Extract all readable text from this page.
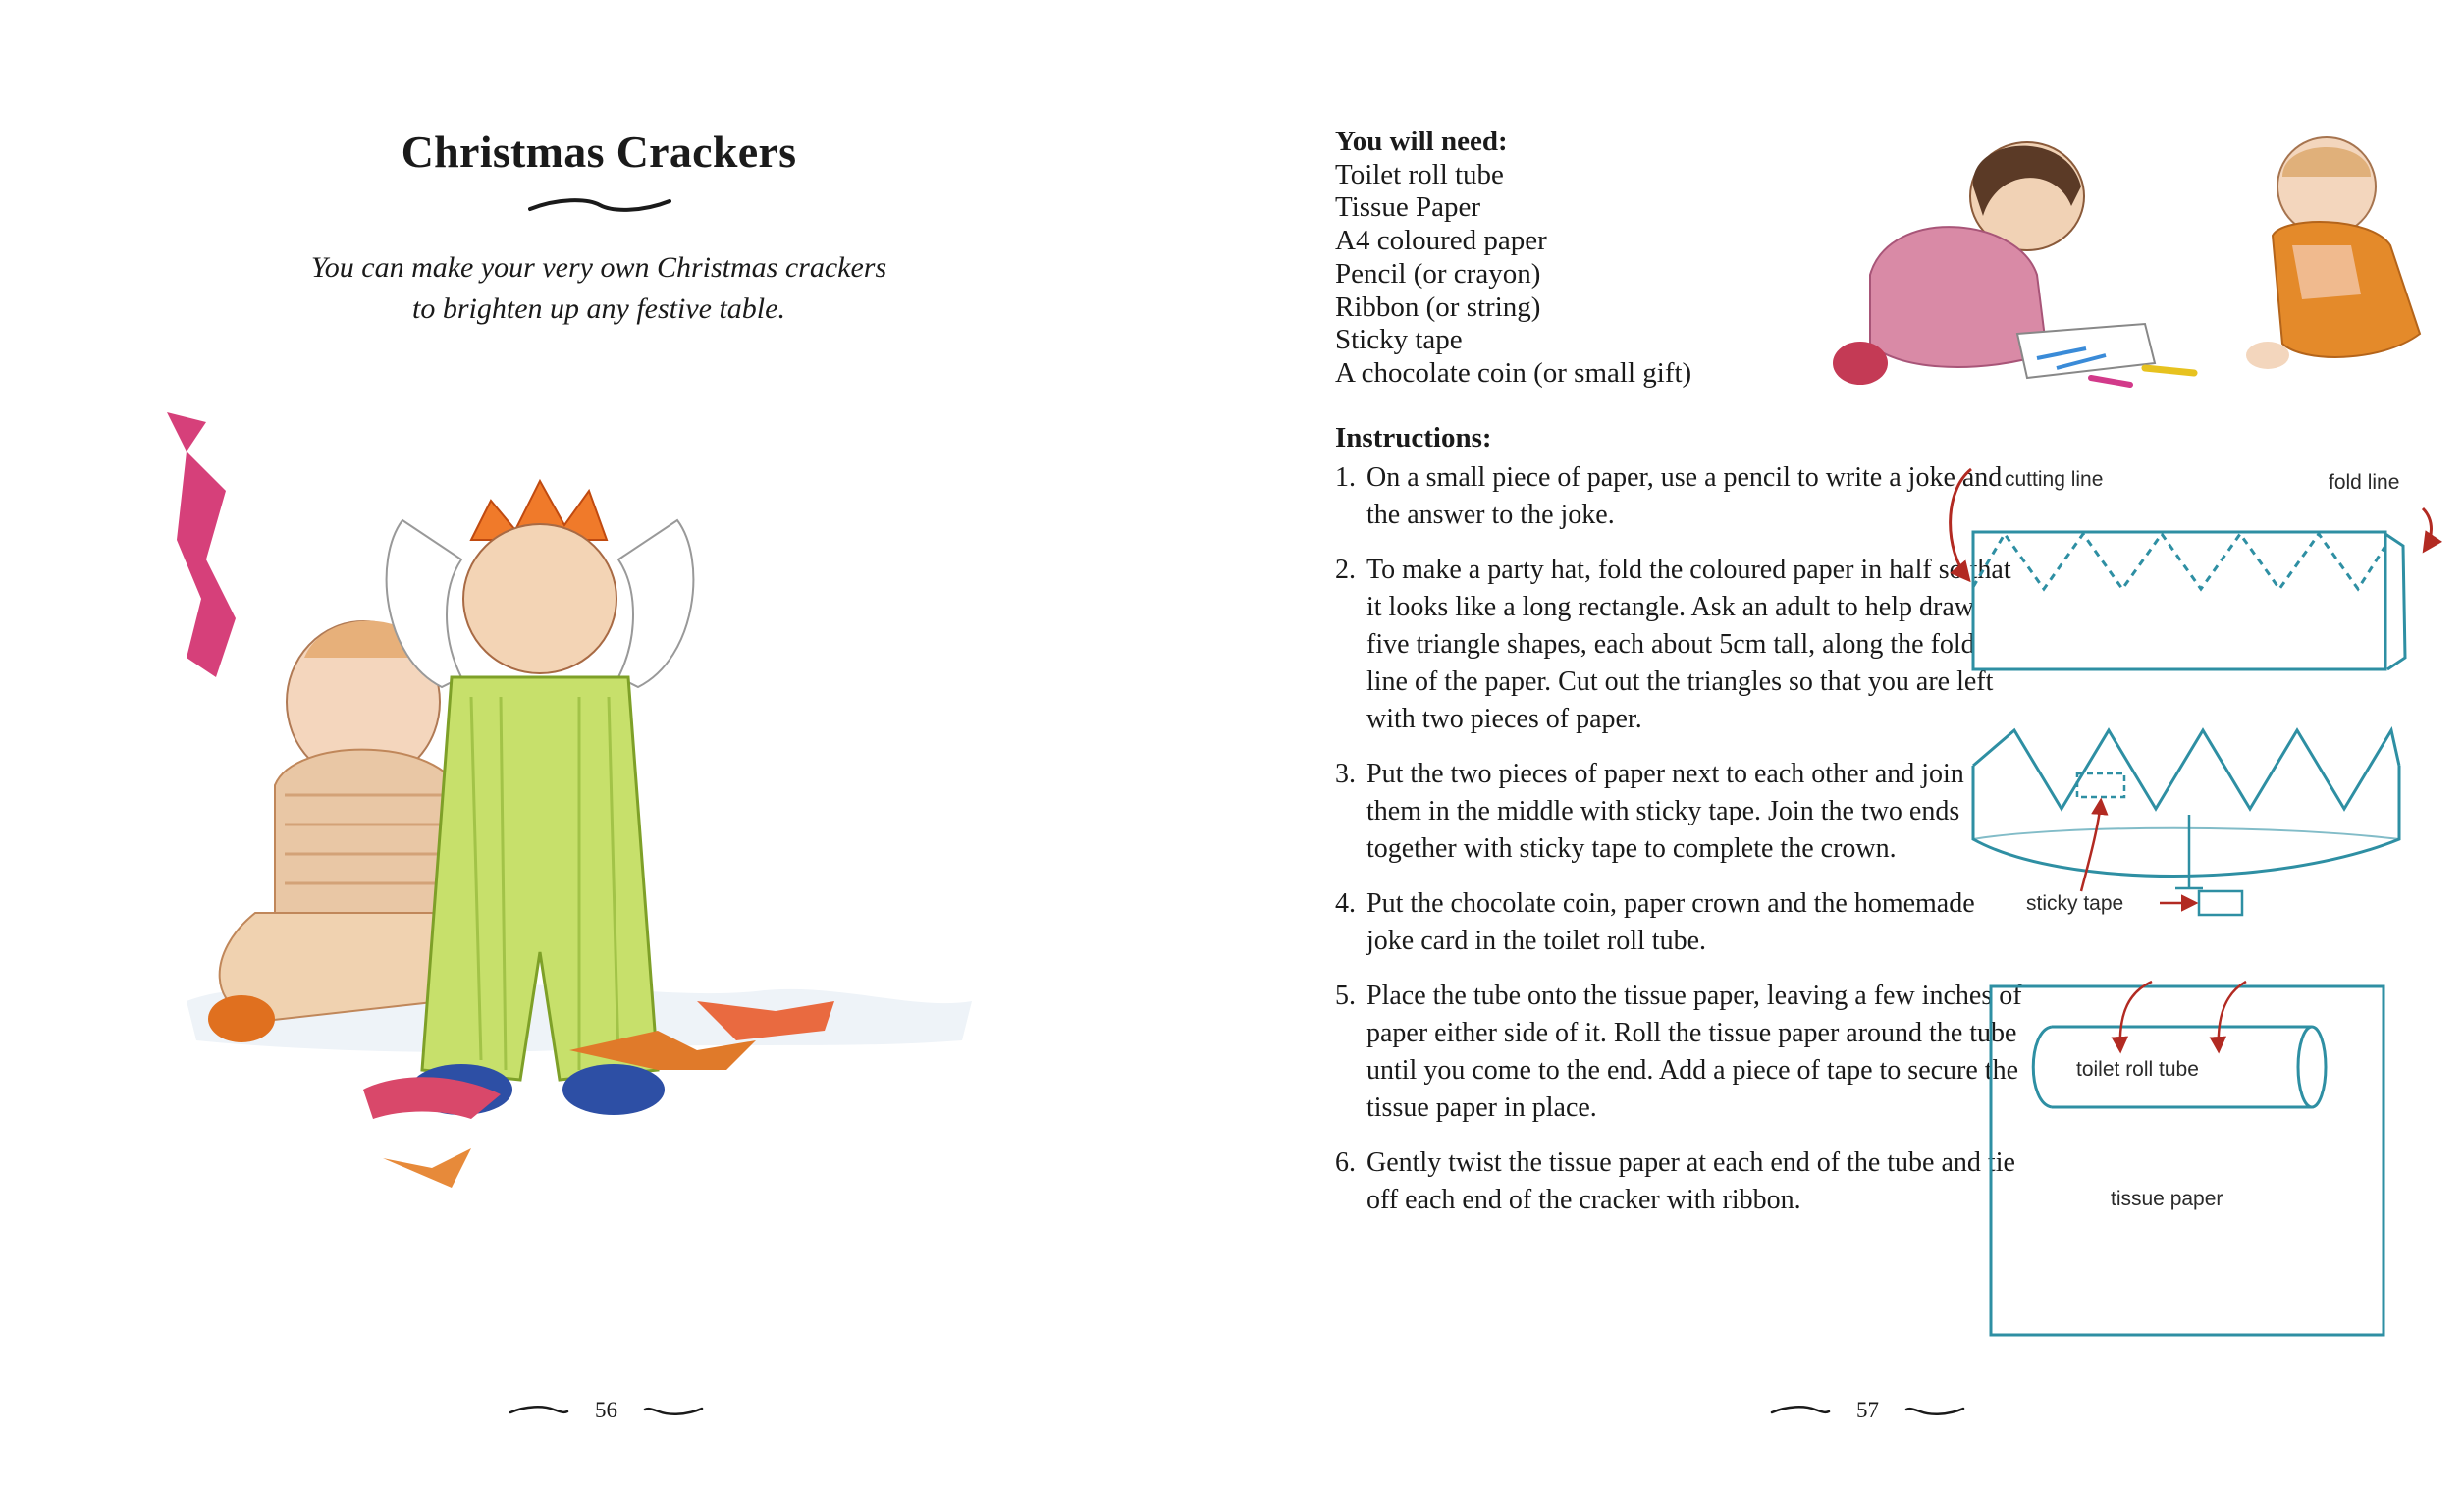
Christmas Crackers
You can make your very own Christmas crackers
to brighten up any festive table.
56
You will need:
Toilet roll tube
Tissue Paper
A4 coloured paper
Pencil (or crayon)
Ribbon (or string)
Sticky tape
A chocolate coin (or small gift)
Instructions:
1. On a small piece of paper, use a pencil to write a joke and the answer to the joke.
2. To make a party hat, fold the coloured paper in half so that it looks like a long rectangle. Ask an adult to help draw five triangle shapes, each about 5cm tall, along the fold line of the paper. Cut out the triangles so that you are left with two pieces of paper.
3. Put the two pieces of paper next to each other and join them in the middle with sticky tape. Join the two ends together with sticky tape to complete the crown.
4. Put the chocolate coin, paper crown and the homemade joke card in the toilet roll tube.
5. Place the tube onto the tissue paper, leaving a few inches of paper either side of it. Roll the tissue paper around the tube until you come to the end. Add a piece of tape to secure the tissue paper in place.
6. Gently twist the tissue paper at each end of the tube and tie off each end of the cracker with ribbon.
cutting line	fold line
sticky tape
toilet roll tube
tissue paper
57
